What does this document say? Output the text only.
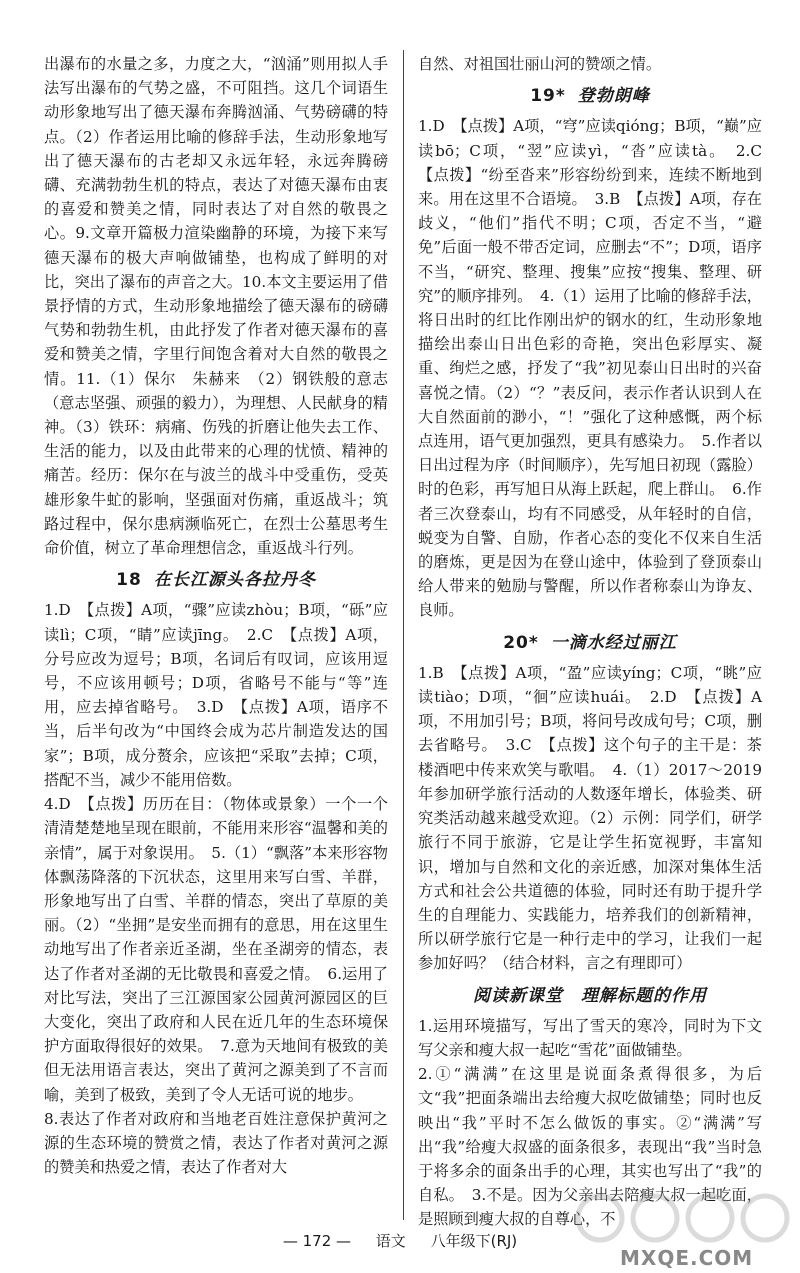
出瀑布的水量之多，力度之大，“汹涌”则用拟人手法写出瀑布的气势之盛，不可阻挡。这几个词语生动形象地写出了德天瀑布奔腾汹涌、气势磅礴的特点。（2）作者运用比喻的修辞手法，生动形象地写出了德天瀑布的古老却又永远年轻，永远奔腾磅礴、充满勃勃生机的特点，表达了对德天瀑布由衷的喜爱和赞美之情，同时表达了对自然的敬畏之心。9.文章开篇极力渲染幽静的环境，为接下来写德天瀑布的极大声响做铺垫，也构成了鲜明的对比，突出了瀑布的声音之大。10.本文主要运用了借景抒情的方式，生动形象地描绘了德天瀑布的磅礴气势和勃勃生机，由此抒发了作者对德天瀑布的喜爱和赞美之情，字里行间饱含着对大自然的敬畏之情。11.（1）保尔　朱赫来　（2）钢铁般的意志（意志坚强、顽强的毅力），为理想、人民献身的精神。（3）铁环：病痛、伤残的折磨让他失去工作、生活的能力，以及由此带来的心理的忧愤、精神的痛苦。经历：保尔在与波兰的战斗中受重伤，受英雄形象牛虻的影响，坚强面对伤痛，重返战斗；筑路过程中，保尔患病濒临死亡，在烈士公墓思考生命价值，树立了革命理想信念，重返战斗行列。

18 在长江源头各拉丹冬

1.D　【点拨】A项，“骤”应读zhòu；B项，“砾”应读lì；C项，“睛”应读jīng。　2.C　【点拨】A项，分号应改为逗号；B项，名词后有叹词，应该用逗号，不应该用顿号；D项，省略号不能与“等”连用，应去掉省略号。　3.D　【点拨】A项，语序不当，后半句改为“中国终会成为芯片制造发达的国家”；B项，成分赘余，应该把“采取”去掉；C项，搭配不当，减少不能用倍数。

4.D　【点拨】历历在目：（物体或景象）一个一个清清楚楚地呈现在眼前，不能用来形容“温馨和美的亲情”，属于对象误用。　5.（1）“飘落”本来形容物体飘荡降落的下沉状态，这里用来写白雪、羊群，形象地写出了白雪、羊群的情态，突出了草原的美丽。（2）“坐拥”是安坐而拥有的意思，用在这里生动地写出了作者亲近圣湖，坐在圣湖旁的情态，表达了作者对圣湖的无比敬畏和喜爱之情。　6.运用了对比写法，突出了三江源国家公园黄河源园区的巨大变化，突出了政府和人民在近几年的生态环境保护方面取得很好的效果。　7.意为天地间有极致的美但无法用语言表达，突出了黄河之源美到了不言而喻，美到了极致，美到了令人无话可说的地步。

8.表达了作者对政府和当地老百姓注意保护黄河之源的生态环境的赞赏之情，表达了作者对黄河之源的赞美和热爱之情，表达了作者对大

自然、对祖国壮丽山河的赞颂之情。

19* 登勃朗峰

1.D　【点拨】A项，“穹”应读qióng；B项，“巅”应读bō；C项，“翌”应读yì，“沓”应读tà。　2.C　【点拨】“纷至沓来”形容纷纷到来，连续不断地到来。用在这里不合语境。　3.B　【点拨】A项，存在歧义，“他们”指代不明；C项，否定不当，“避免”后面一般不带否定词，应删去“不”；D项，语序不当，“研究、整理、搜集”应按“搜集、整理、研究”的顺序排列。　4.（1）运用了比喻的修辞手法，将日出时的红比作刚出炉的钢水的红，生动形象地描绘出泰山日出色彩的奇艳，突出色彩厚实、凝重、绚烂之感，抒发了“我”初见泰山日出时的兴奋喜悦之情。（2）“？”表反问，表示作者认识到人在大自然面前的渺小，“！”强化了这种感慨，两个标点连用，语气更加强烈，更具有感染力。　5.作者以日出过程为序（时间顺序），先写旭日初现（露脸）时的色彩，再写旭日从海上跃起，爬上群山。　6.作者三次登泰山，均有不同感受，从年轻时的自信，蜕变为自警、自励，作者心态的变化不仅来自生活的磨炼，更是因为在登山途中，体验到了登顶泰山给人带来的勉励与警醒，所以作者称泰山为诤友、良师。

20* 一滴水经过丽江

1.B　【点拨】A项，“盈”应读yíng；C项，“眺”应读tiào；D项，“徊”应读huái。　2.D　【点拨】A项，不用加引号；B项，将问号改成句号；C项，删去省略号。　3.C　【点拨】这个句子的主干是：茶楼酒吧中传来欢笑与歌唱。　4.（1）2017～2019年参加研学旅行活动的人数逐年增长，体验类、研究类活动越来越受欢迎。（2）示例：同学们，研学旅行不同于旅游，它是让学生拓宽视野，丰富知识，增加与自然和文化的亲近感，加深对集体生活方式和社会公共道德的体验，同时还有助于提升学生的自理能力、实践能力，培养我们的创新精神，所以研学旅行它是一种行走中的学习，让我们一起参加好吗？（结合材料，言之有理即可）

阅读新课堂　理解标题的作用

1.运用环境描写，写出了雪天的寒冷，同时为下文写父亲和瘦大叔一起吃“雪花”面做铺垫。

2.①“满满”在这里是说面条煮得很多，为后文“我”把面条端出去给瘦大叔吃做铺垫；同时也反映出“我”平时不怎么做饭的事实。②“满满”写出“我”给瘦大叔盛的面条很多，表现出“我”当时急于将多余的面条出手的心理，其实也写出了“我”的自私。　3.不是。因为父亲出去陪瘦大叔一起吃面，是照顾到瘦大叔的自尊心，不

— 172 — 语文 八年级下(RJ)
MXQE.COM
